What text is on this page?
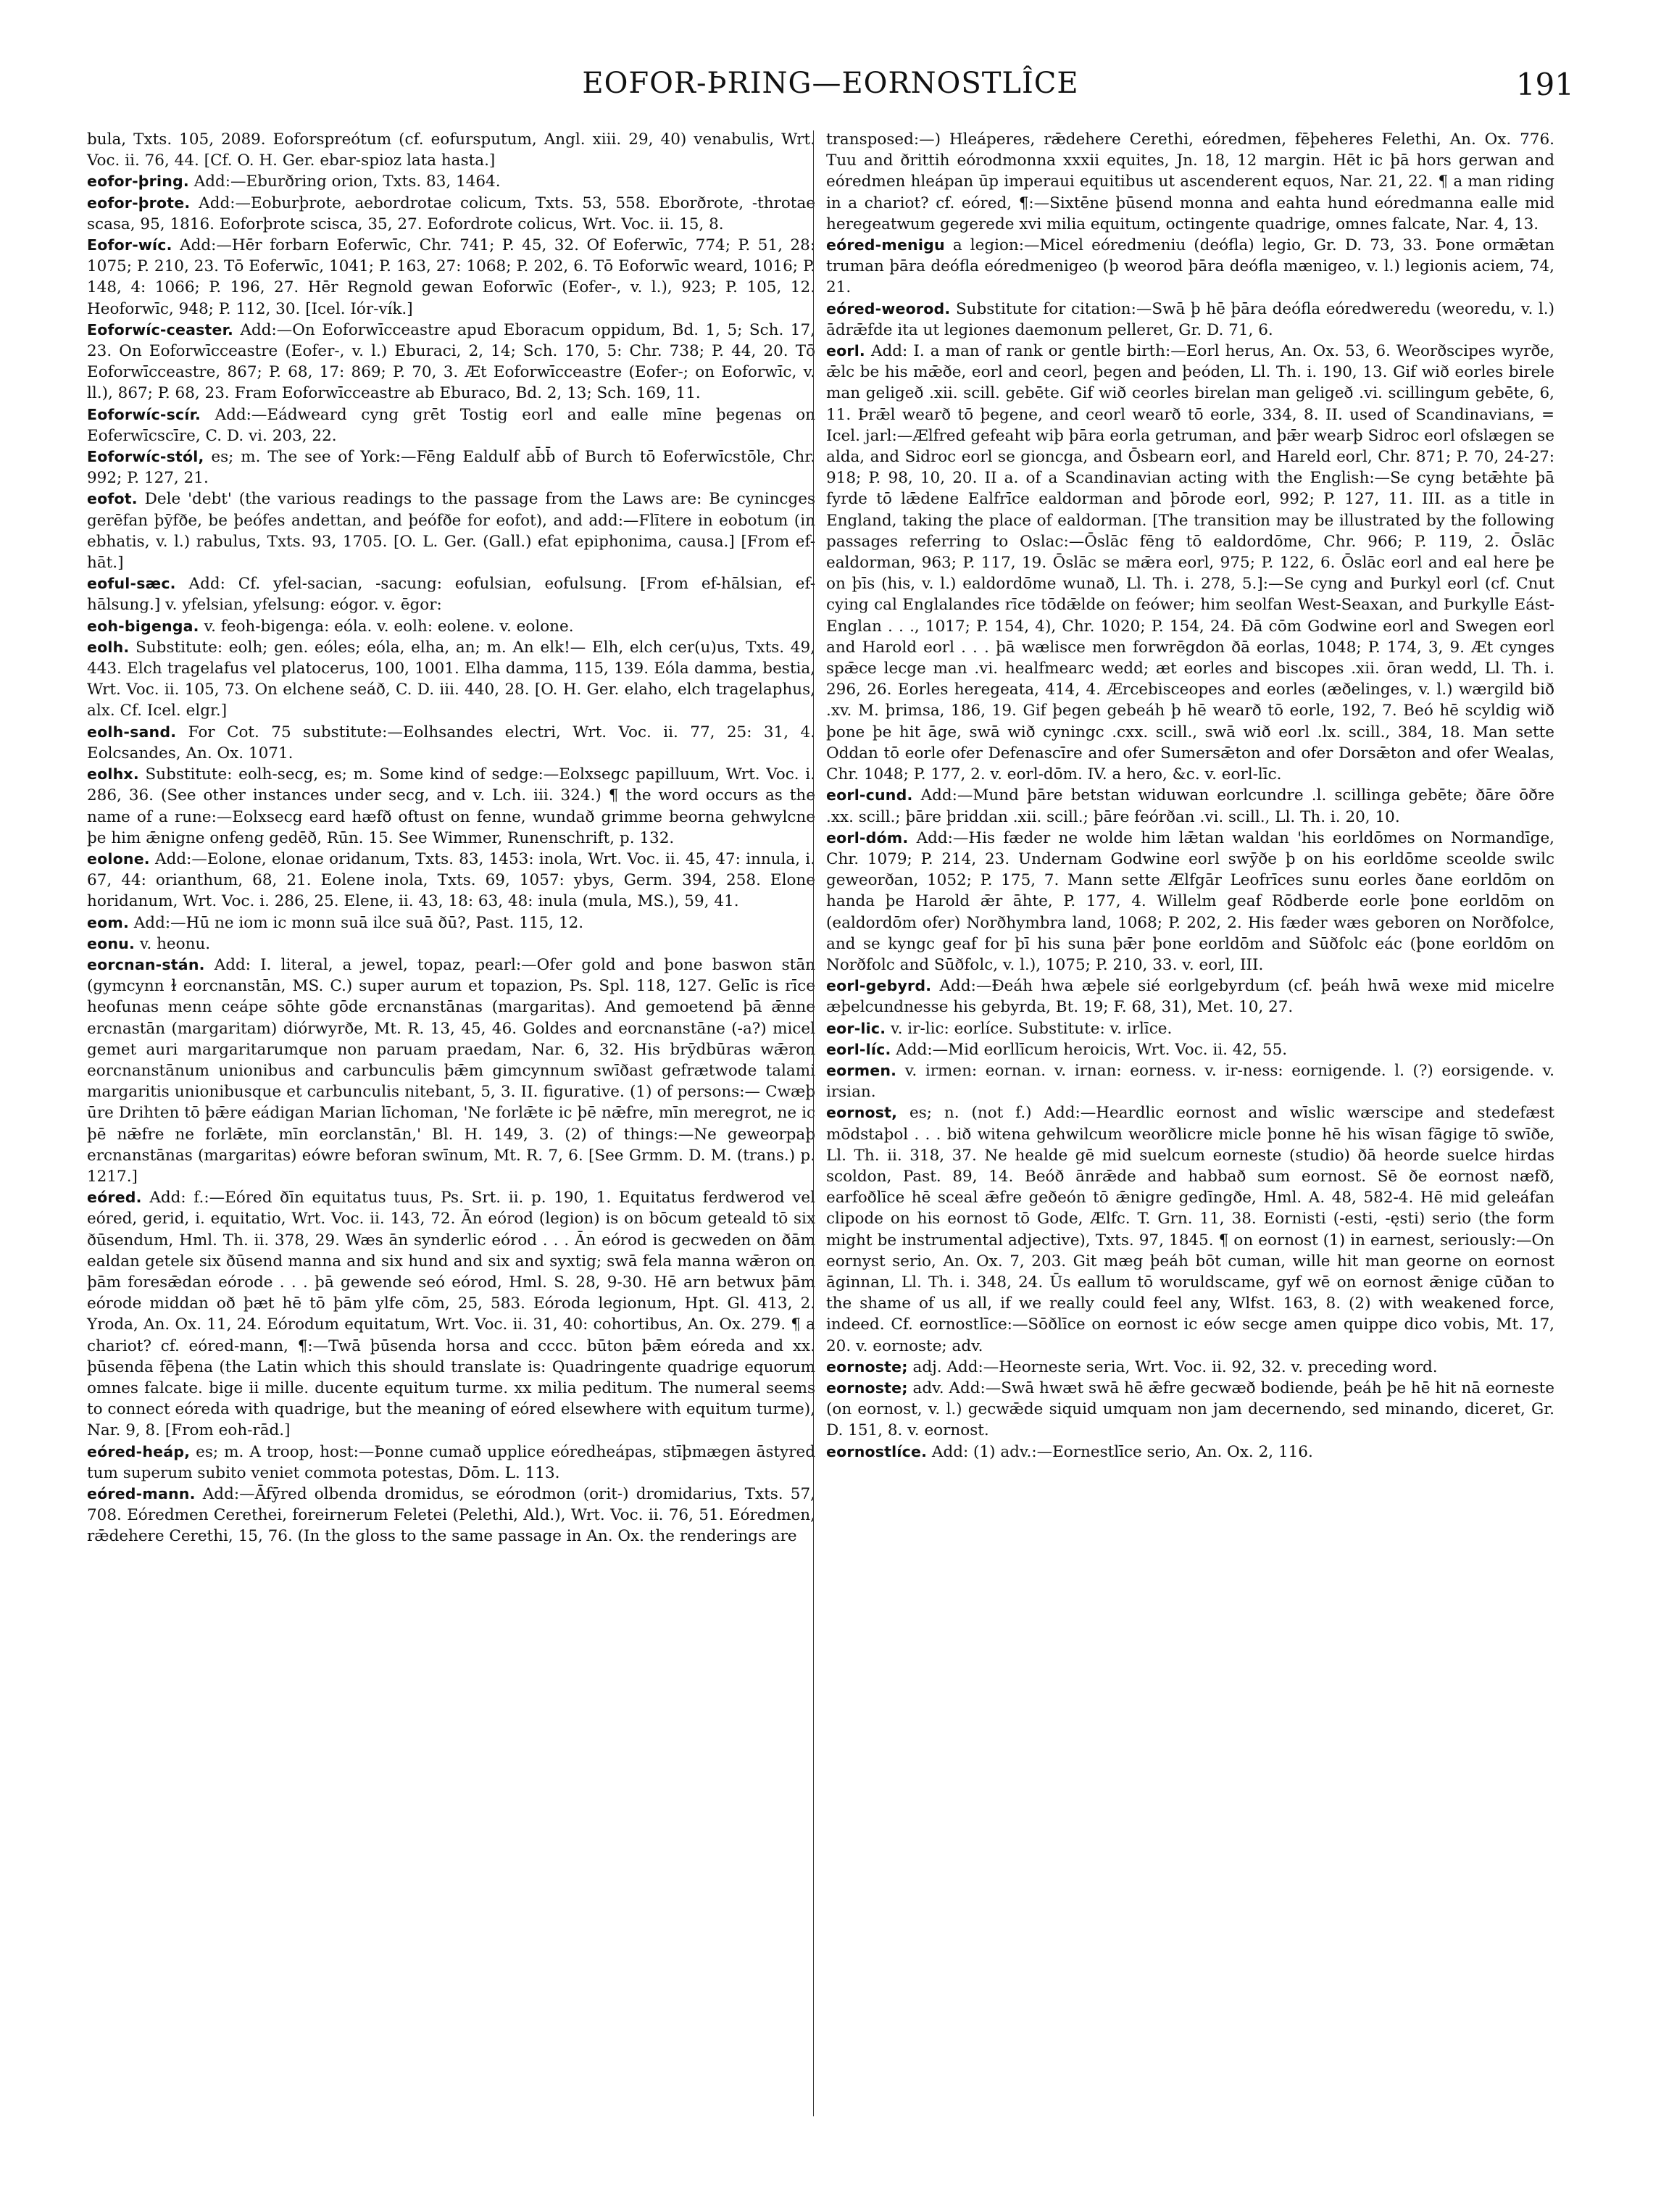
EOFOR-ÞRING—EORNOSTLÎCE	191

bula, Txts. 105, 2089. Eoforspreótum (cf. eofursputum, Angl. xiii. 29, 40) venabulis, Wrt. Voc. ii. 76, 44. [Cf. O. H. Ger. ebar-spioz lata hasta.]

eofor-þring. Add:—Eburðring orion, Txts. 83, 1464.

eofor-þrote. Add:—Eoburþrote, aebordrotae colicum, Txts. 53, 558. Eborðrote, -throtae scasa, 95, 1816. Eoforþrote scisca, 35, 27. Eofordrote colicus, Wrt. Voc. ii. 15, 8.

Eofor-wíc. Add:—Hēr forbarn Eoferwīc, Chr. 741; P. 45, 32. Of Eoferwīc, 774; P. 51, 28: 1075; P. 210, 23. Tō Eoferwīc, 1041; P. 163, 27: 1068; P. 202, 6. Tō Eoforwīc weard, 1016; P. 148, 4: 1066; P. 196, 27. Hēr Regnold gewan Eoforwīc (Eofer-, v. l.), 923; P. 105, 12. Heoforwīc, 948; P. 112, 30. [Icel. Iór-vík.]

Eoforwíc-ceaster. Add:—On Eoforwīcceastre apud Eboracum oppidum, Bd. 1, 5; Sch. 17, 23. On Eoforwīcceastre (Eofer-, v. l.) Eburaci, 2, 14; Sch. 170, 5: Chr. 738; P. 44, 20. Tō Eoforwīcceastre, 867; P. 68, 17: 869; P. 70, 3. Æt Eoforwīcceastre (Eofer-; on Eoforwīc, v. ll.), 867; P. 68, 23. Fram Eoforwīcceastre ab Eburaco, Bd. 2, 13; Sch. 169, 11.

Eoforwíc-scír. Add:—Eádweard cyng grēt Tostig eorl and ealle mīne þegenas on Eoferwīcscīre, C. D. vi. 203, 22.

Eoforwíc-stól, es; m. The see of York:—Fēng Ealdulf ab̄b̄ of Burch tō Eoferwīcstōle, Chr. 992; P. 127, 21.

eofot. Dele 'debt' (the various readings to the passage from the Laws are: Be cynincges gerēfan þȳfðe, be þeófes andettan, and þeófðe for eofot), and add:—Flītere in eobotum (in ebhatis, v. l.) rabulus, Txts. 93, 1705. [O. L. Ger. (Gall.) efat epiphonima, causa.] [From ef-hāt.]

eoful-sæc. Add: Cf. yfel-sacian, -sacung: eofulsian, eofulsung. [From ef-hālsian, ef-hālsung.] v. yfelsian, yfelsung: eógor. v. ēgor:

eoh-bigenga. v. feoh-bigenga: eóla. v. eolh: eolene. v. eolone.

eolh. Substitute: eolh; gen. eóles; eóla, elha, an; m. An elk!— Elh, elch cer(u)us, Txts. 49, 443. Elch tragelafus vel platocerus, 100, 1001. Elha damma, 115, 139. Eóla damma, bestia, Wrt. Voc. ii. 105, 73. On elchene seáð, C. D. iii. 440, 28. [O. H. Ger. elaho, elch tragelaphus, alx. Cf. Icel. elgr.]

eolh-sand. For Cot. 75 substitute:—Eolhsandes electri, Wrt. Voc. ii. 77, 25: 31, 4. Eolcsandes, An. Ox. 1071.

eolhx. Substitute: eolh-secg, es; m. Some kind of sedge:—Eolxsegc papilluum, Wrt. Voc. i. 286, 36. (See other instances under secg, and v. Lch. iii. 324.) ¶ the word occurs as the name of a rune:—Eolxsecg eard hæfð oftust on fenne, wundað grimme beorna gehwylcne þe him ǣnigne onfeng gedēð, Rūn. 15. See Wimmer, Runenschrift, p. 132.

eolone. Add:—Eolone, elonae oridanum, Txts. 83, 1453: inola, Wrt. Voc. ii. 45, 47: innula, i. 67, 44: orianthum, 68, 21. Eolene inola, Txts. 69, 1057: ybys, Germ. 394, 258. Elone horidanum, Wrt. Voc. i. 286, 25. Elene, ii. 43, 18: 63, 48: inula (mula, MS.), 59, 41.

eom. Add:—Hū ne iom ic monn suā ilce suā ðū?, Past. 115, 12.

eonu. v. heonu.

eorcnan-stán. Add: I. literal, a jewel, topaz, pearl:—Ofer gold and þone baswon stān (gymcynn ɫ eorcnanstān, MS. C.) super aurum et topazion, Ps. Spl. 118, 127. Gelīc is rīce heofunas menn ceápe sōhte gōde ercnanstānas (margaritas). And gemoetend þā ǣnne ercnastān (margaritam) diórwyrðe, Mt. R. 13, 45, 46. Goldes and eorcnanstāne (-a?) micel gemet auri margaritarumque non paruam praedam, Nar. 6, 32. His brȳdbūras wǣron eorcnanstānum unionibus and carbunculis þǣm gimcynnum swīðast gefrætwode talami margaritis unionibusque et carbunculis nitebant, 5, 3. II. figurative. (1) of persons:— Cwæþ ūre Drihten tō þǣre eádigan Marian līchoman, 'Ne forlǣte ic þē nǣfre, mīn meregrot, ne ic þē nǣfre ne forlǣte, mīn eorclanstān,' Bl. H. 149, 3. (2) of things:—Ne geweorpaþ ercnanstānas (margaritas) eówre beforan swīnum, Mt. R. 7, 6. [See Grmm. D. M. (trans.) p. 1217.]

eóred. Add: f.:—Eóred ðīn equitatus tuus, Ps. Srt. ii. p. 190, 1. Equitatus ferdwerod vel eóred, gerid, i. equitatio, Wrt. Voc. ii. 143, 72. Ān eórod (legion) is on bōcum geteald tō six ðūsendum, Hml. Th. ii. 378, 29. Wæs ān synderlic eórod . . . Ān eórod is gecweden on ðām ealdan getele six ðūsend manna and six hund and six and syxtig; swā fela manna wǣron on þām foresǣdan eórode . . . þā gewende seó eórod, Hml. S. 28, 9-30. Hē arn betwux þām eórode middan oð þæt hē tō þām ylfe cōm, 25, 583. Eóroda legionum, Hpt. Gl. 413, 2. Yroda, An. Ox. 11, 24. Eórodum equitatum, Wrt. Voc. ii. 31, 40: cohortibus, An. Ox. 279. ¶ a chariot? cf. eóred-mann, ¶:—Twā þūsenda horsa and cccc. būton þǣm eóreda and xx. þūsenda fēþena (the Latin which this should translate is: Quadringente quadrige equorum omnes falcate. bige ii mille. ducente equitum turme. xx milia peditum. The numeral seems to connect eóreda with quadrige, but the meaning of eóred elsewhere with equitum turme), Nar. 9, 8. [From eoh-rād.]

eóred-heáp, es; m. A troop, host:—Þonne cumað upplice eóredheápas, stīþmægen āstyred tum superum subito veniet commota potestas, Dōm. L. 113.

eóred-mann. Add:—Āfȳred olbenda dromidus, se eórodmon (orit-) dromidarius, Txts. 57, 708. Eóredmen Cerethei, foreirnerum Feletei (Pelethi, Ald.), Wrt. Voc. ii. 76, 51. Eóredmen, rǣdehere Cerethi, 15, 76. (In the gloss to the same passage in An. Ox. the renderings are

transposed:—) Hleáperes, rǣdehere Cerethi, eóredmen, fēþeheres Felethi, An. Ox. 776. Tuu and ðrittih eórodmonna xxxii equites, Jn. 18, 12 margin. Hēt ic þā hors gerwan and eóredmen hleápan ūp imperaui equitibus ut ascenderent equos, Nar. 21, 22. ¶ a man riding in a chariot? cf. eóred, ¶:—Sixtēne þūsend monna and eahta hund eóredmanna ealle mid heregeatwum gegerede xvi milia equitum, octingente quadrige, omnes falcate, Nar. 4, 13.

eóred-menigu a legion:—Micel eóredmeniu (deófla) legio, Gr. D. 73, 33. Þone ormǣtan truman þāra deófla eóredmenigeo (þ weorod þāra deófla mænigeo, v. l.) legionis aciem, 74, 21.

eóred-weorod. Substitute for citation:—Swā þ hē þāra deófla eóredweredu (weoredu, v. l.) ādrǣfde ita ut legiones daemonum pelleret, Gr. D. 71, 6.

eorl. Add: I. a man of rank or gentle birth:—Eorl herus, An. Ox. 53, 6. Weorðscipes wyrðe, ǣlc be his mǣðe, eorl and ceorl, þegen and þeóden, Ll. Th. i. 190, 13. Gif wið eorles birele man geligeð .xii. scill. gebēte. Gif wið ceorles birelan man geligeð .vi. scillingum gebēte, 6, 11. Þrǣl wearð tō þegene, and ceorl wearð tō eorle, 334, 8. II. used of Scandinavians, = Icel. jarl:—Ælfred gefeaht wiþ þāra eorla getruman, and þǣr wearþ Sidroc eorl ofslægen se alda, and Sidroc eorl se gioncga, and Ōsbearn eorl, and Hareld eorl, Chr. 871; P. 70, 24-27: 918; P. 98, 10, 20. II a. of a Scandinavian acting with the English:—Se cyng betǣhte þā fyrde tō lǣdene Ealfrīce ealdorman and þōrode eorl, 992; P. 127, 11. III. as a title in England, taking the place of ealdorman. [The transition may be illustrated by the following passages referring to Oslac:—Ōslāc fēng tō ealdordōme, Chr. 966; P. 119, 2. Ōslāc ealdorman, 963; P. 117, 19. Ōslāc se mǣra eorl, 975; P. 122, 6. Ōslāc eorl and eal here þe on þīs (his, v. l.) ealdordōme wunað, Ll. Th. i. 278, 5.]:—Se cyng and Þurkyl eorl (cf. Cnut cying cal Englalandes rīce tōdǣlde on feówer; him seolfan West-Seaxan, and Þurkylle Eást-Englan . . ., 1017; P. 154, 4), Chr. 1020; P. 154, 24. Ðā cōm Godwine eorl and Swegen eorl and Harold eorl . . . þā wælisce men forwrēgdon ðā eorlas, 1048; P. 174, 3, 9. Æt cynges spǣce lecge man .vi. healfmearc wedd; æt eorles and biscopes .xii. ōran wedd, Ll. Th. i. 296, 26. Eorles heregeata, 414, 4. Ærcebisceopes and eorles (æðelinges, v. l.) wærgild bið .xv. M. þrimsa, 186, 19. Gif þegen gebeáh þ hē wearð tō eorle, 192, 7. Beó hē scyldig wið þone þe hit āge, swā wið cyningc .cxx. scill., swā wið eorl .lx. scill., 384, 18. Man sette Oddan tō eorle ofer Defenascīre and ofer Sumersǣton and ofer Dorsǣton and ofer Wealas, Chr. 1048; P. 177, 2. v. eorl-dōm. IV. a hero, &c. v. eorl-līc.

eorl-cund. Add:—Mund þāre betstan widuwan eorlcundre .l. scillinga gebēte; ðāre ōðre .xx. scill.; þāre þriddan .xii. scill.; þāre feórðan .vi. scill., Ll. Th. i. 20, 10.

eorl-dóm. Add:—His fæder ne wolde him lǣtan waldan 'his eorldōmes on Normandīge, Chr. 1079; P. 214, 23. Undernam Godwine eorl swȳðe þ on his eorldōme sceolde swilc geweorðan, 1052; P. 175, 7. Mann sette Ælfgār Leofrīces sunu eorles ðane eorldōm on handa þe Harold ǣr āhte, P. 177, 4. Willelm geaf Rōdberde eorle þone eorldōm on (ealdordōm ofer) Norðhymbra land, 1068; P. 202, 2. His fæder wæs geboren on Norðfolce, and se kyngc geaf for þī his suna þǣr þone eorldōm and Sūðfolc eác (þone eorldōm on Norðfolc and Sūðfolc, v. l.), 1075; P. 210, 33. v. eorl, III.

eorl-gebyrd. Add:—Ðeáh hwa æþele sié eorlgebyrdum (cf. þeáh hwā wexe mid micelre æþelcundnesse his gebyrda, Bt. 19; F. 68, 31), Met. 10, 27.

eor-lic. v. ir-lic: eorlíce. Substitute: v. irlīce.

eorl-líc. Add:—Mid eorllīcum heroicis, Wrt. Voc. ii. 42, 55.

eormen. v. irmen: eornan. v. irnan: eorness. v. ir-ness: eornigende. l. (?) eorsigende. v. irsian.

eornost, es; n. (not f.) Add:—Heardlic eornost and wīslic wærscipe and stedefæst mōdstaþol . . . bið witena gehwilcum weorðlicre micle þonne hē his wīsan fāgige tō swīðe, Ll. Th. ii. 318, 37. Ne healde gē mid suelcum eorneste (studio) ðā heorde suelce hirdas scoldon, Past. 89, 14. Beóð ānrǣde and habbað sum eornost. Sē ðe eornost næfð, earfoðlīce hē sceal ǣfre geðeón tō ǣnigre gedīngðe, Hml. A. 48, 582-4. Hē mid geleáfan clipode on his eornost tō Gode, Ælfc. T. Grn. 11, 38. Eornisti (-esti, -ęsti) serio (the form might be instrumental adjective), Txts. 97, 1845. ¶ on eornost (1) in earnest, seriously:—On eornyst serio, An. Ox. 7, 203. Git mæg þeáh bōt cuman, wille hit man georne on eornost āginnan, Ll. Th. i. 348, 24. Ūs eallum tō woruldscame, gyf wē on eornost ǣnige cūðan to the shame of us all, if we really could feel any, Wlfst. 163, 8. (2) with weakened force, indeed. Cf. eornostlīce:—Sōðlīce on eornost ic eów secge amen quippe dico vobis, Mt. 17, 20. v. eornoste; adv.

eornoste; adj. Add:—Heorneste seria, Wrt. Voc. ii. 92, 32. v. preceding word.

eornoste; adv. Add:—Swā hwæt swā hē ǣfre gecwæð bodiende, þeáh þe hē hit nā eorneste (on eornost, v. l.) gecwǣde siquid umquam non jam decernendo, sed minando, diceret, Gr. D. 151, 8. v. eornost.

eornostlíce. Add: (1) adv.:—Eornestlīce serio, An. Ox. 2, 116.
